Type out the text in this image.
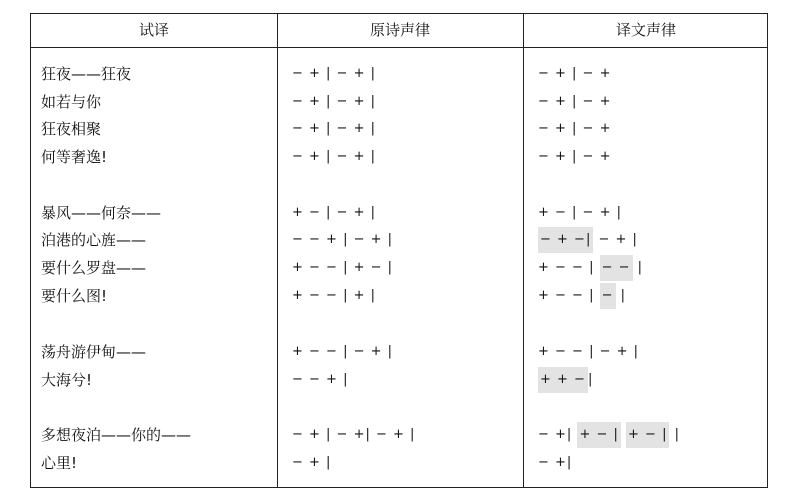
试译	原诗声律	译文声律
狂夜——狂夜	− + | − + |	− + | − +
如若与你	− + | − + |	− + | − +
狂夜相聚	− + | − + |	− + | − +
何等奢逸!	− + | − + |	− + | − +
暴风——何奈——	+ − | − + |	+ − | − + |
泊港的心旌——	− − + | − + |	− + −| − + |
要什么罗盘——	+ − − | + − |	+ − − | − − |
要什么图!	+ − − | + |	+ − − | − |
荡舟游伊甸——	+ − − | − + |	+ − − | − + |
大海兮!	− − + |	+ + − |
多想夜泊——你的——	− + | − +| − + |	− +| + − | + − | |
心里!	− + |	− +|
